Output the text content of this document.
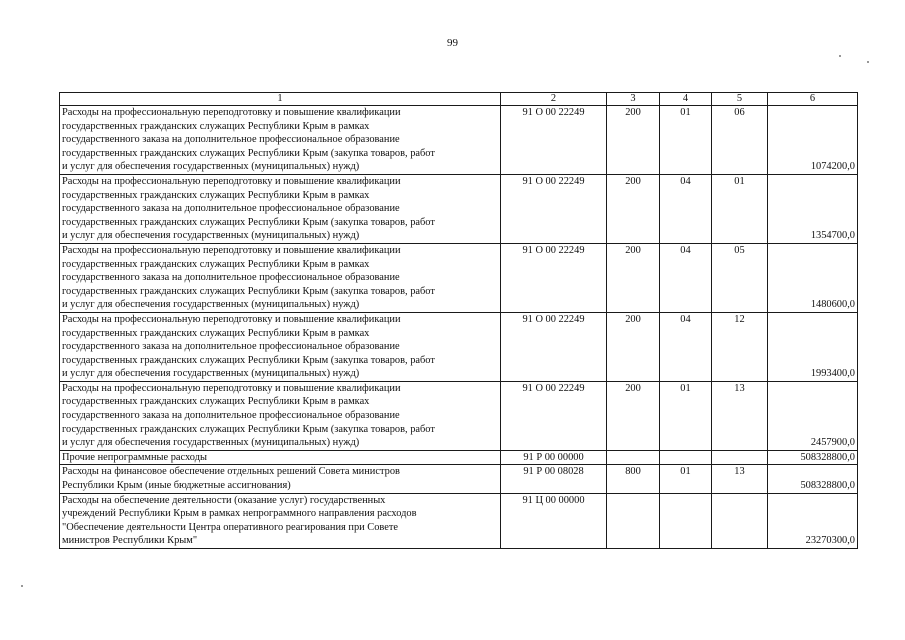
99
1	2	3	4	5	6
Расходы на профессиональную переподготовку и повышение квалификации
государственных гражданских служащих Республики Крым в рамках
государственного заказа на дополнительное профессиональное образование
государственных гражданских служащих Республики Крым (закупка товаров, работ
и услуг для обеспечения государственных (муниципальных) нужд)	91 О 00 22249	200	01	06	1074200,0
Расходы на профессиональную переподготовку и повышение квалификации
государственных гражданских служащих Республики Крым в рамках
государственного заказа на дополнительное профессиональное образование
государственных гражданских служащих Республики Крым (закупка товаров, работ
и услуг для обеспечения государственных (муниципальных) нужд)	91 О 00 22249	200	04	01	1354700,0
Расходы на профессиональную переподготовку и повышение квалификации
государственных гражданских служащих Республики Крым в рамках
государственного заказа на дополнительное профессиональное образование
государственных гражданских служащих Республики Крым (закупка товаров, работ
и услуг для обеспечения государственных (муниципальных) нужд)	91 О 00 22249	200	04	05	1480600,0
Расходы на профессиональную переподготовку и повышение квалификации
государственных гражданских служащих Республики Крым в рамках
государственного заказа на дополнительное профессиональное образование
государственных гражданских служащих Республики Крым (закупка товаров, работ
и услуг для обеспечения государственных (муниципальных) нужд)	91 О 00 22249	200	04	12	1993400,0
Расходы на профессиональную переподготовку и повышение квалификации
государственных гражданских служащих Республики Крым в рамках
государственного заказа на дополнительное профессиональное образование
государственных гражданских служащих Республики Крым (закупка товаров, работ
и услуг для обеспечения государственных (муниципальных) нужд)	91 О 00 22249	200	01	13	2457900,0
Прочие непрограммные расходы	91 Р 00 00000				508328800,0
Расходы на финансовое обеспечение отдельных решений Совета министров
Республики Крым (иные бюджетные ассигнования)	91 Р 00 08028	800	01	13	508328800,0
Расходы на обеспечение деятельности (оказание услуг) государственных
учреждений Республики Крым в рамках непрограммного направления расходов
"Обеспечение деятельности Центра оперативного реагирования при Совете
министров Республики Крым"	91 Ц 00 00000				23270300,0
